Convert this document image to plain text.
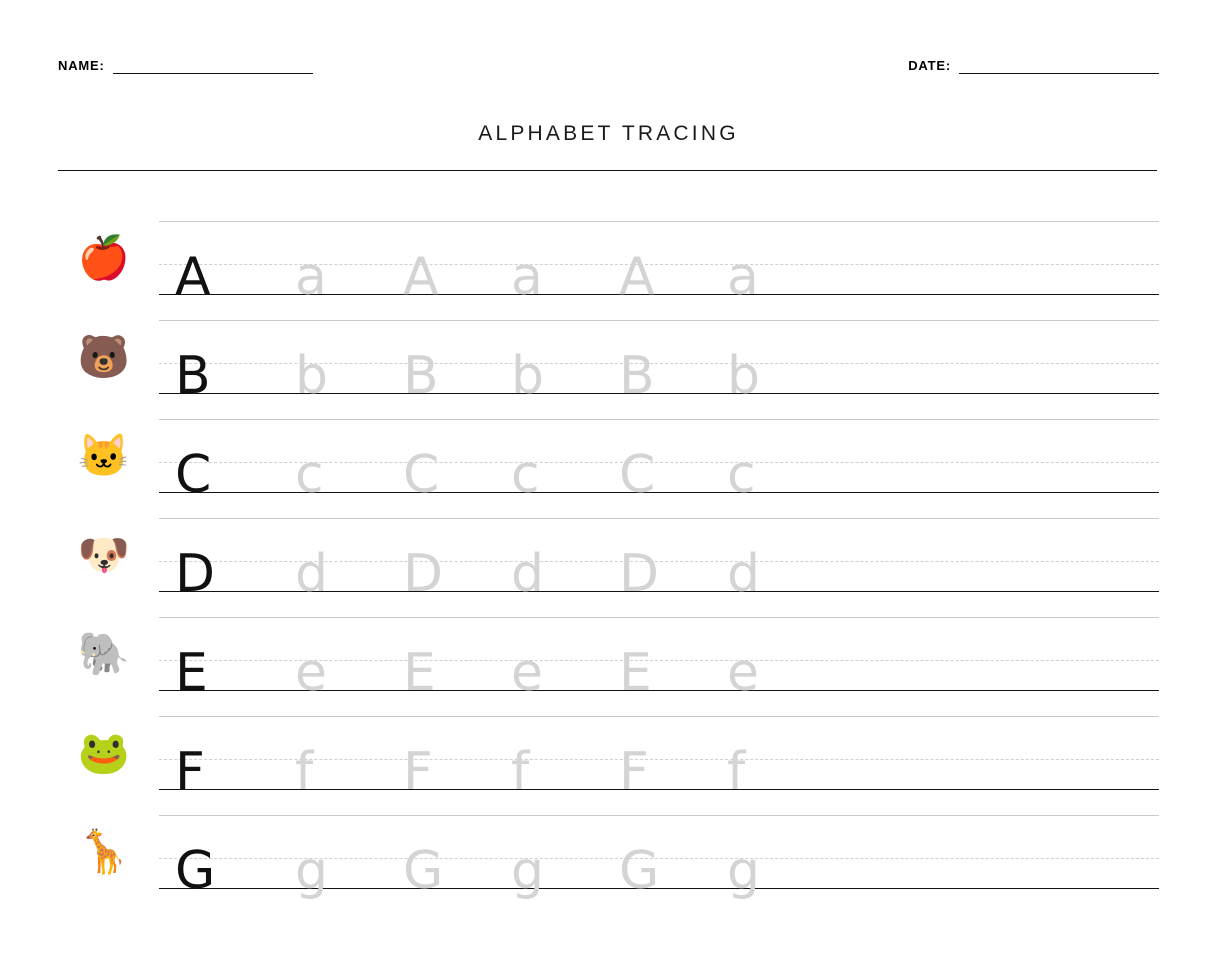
NAME:	DATE:
ALPHABET TRACING
🍎 A a A a A a
🐻 B b B b B b
🐱 C c C c C c
🐶 D d D d D d
🐘 E e E e E e
🐸 F f F f F f
🦒 G g G g G g
